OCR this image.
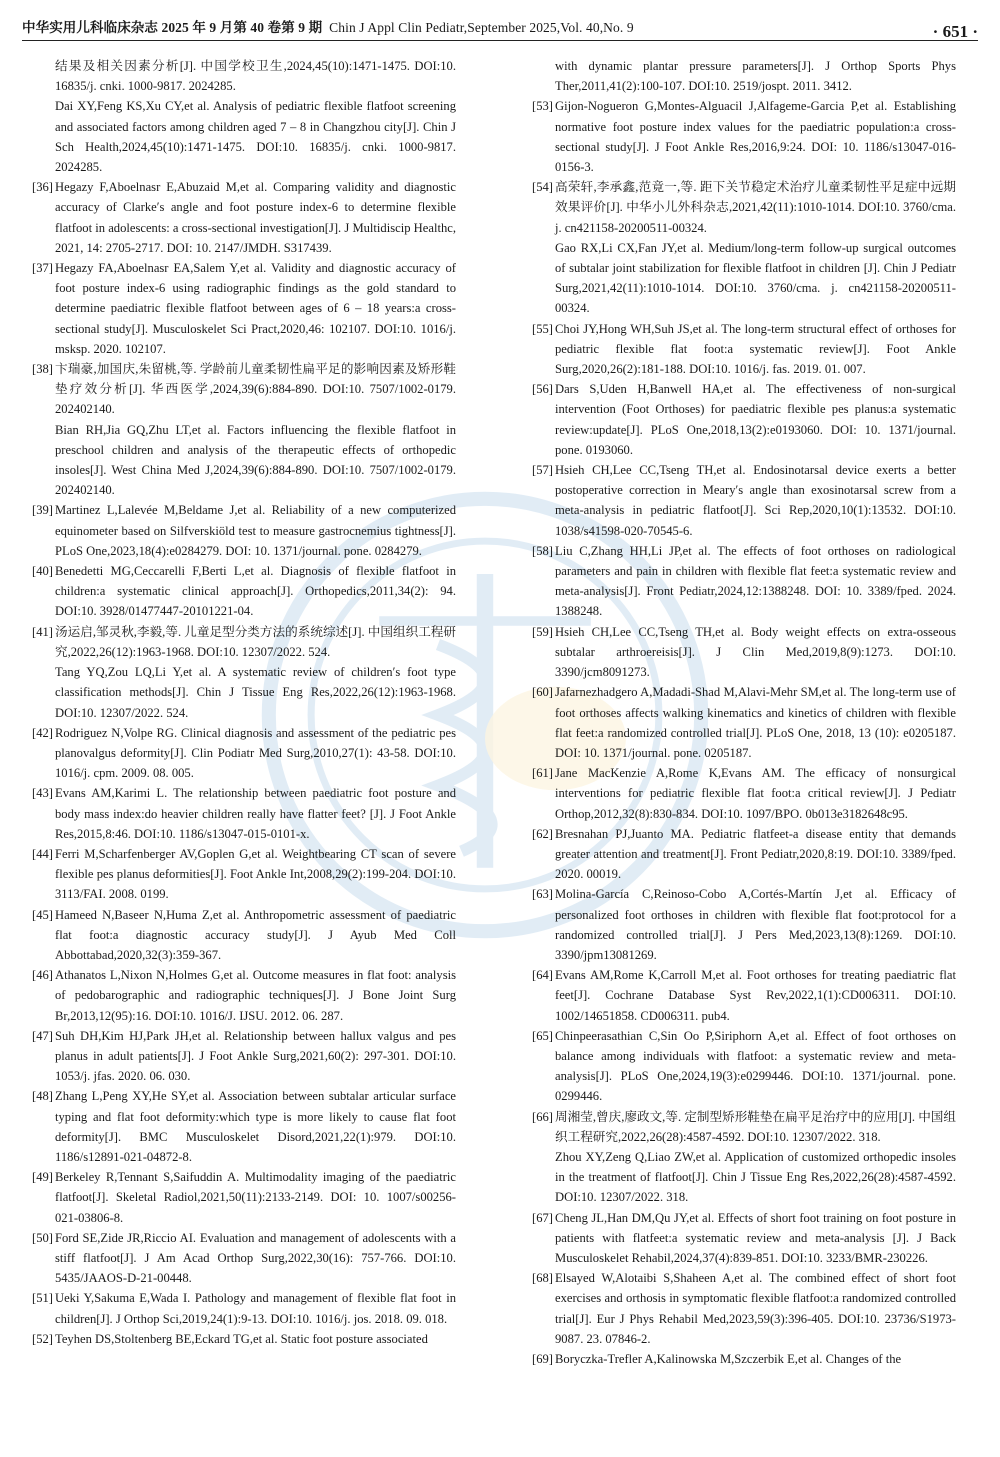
中华实用儿科临床杂志 2025 年 9 月第 40 卷第 9 期 Chin J Appl Clin Pediatr,September 2025,Vol. 40,No. 9	· 651 ·

结果及相关因素分析[J]. 中国学校卫生,2024,45(10):1471-1475. DOI:10. 16835/j. cnki. 1000-9817. 2024285.

Dai XY,Feng KS,Xu CY,et al. Analysis of pediatric flexible flatfoot screening and associated factors among children aged 7 – 8 in Changzhou city[J]. Chin J Sch Health,2024,45(10):1471-1475. DOI:10. 16835/j. cnki. 1000-9817. 2024285.

[36] Hegazy F,Aboelnasr E,Abuzaid M,et al. Comparing validity and diagnostic accuracy of Clarke′s angle and foot posture index-6 to determine flexible flatfoot in adolescents: a cross-sectional investigation[J]. J Multidiscip Healthc, 2021, 14: 2705-2717. DOI: 10. 2147/JMDH. S317439.

[37] Hegazy FA,Aboelnasr EA,Salem Y,et al. Validity and diagnostic accuracy of foot posture index-6 using radiographic findings as the gold standard to determine paediatric flexible flatfoot between ages of 6 – 18 years:a cross-sectional study[J]. Musculoskelet Sci Pract,2020,46: 102107. DOI:10. 1016/j. msksp. 2020. 102107.

[38] 卞瑞豪,加国庆,朱留桃,等. 学龄前儿童柔韧性扁平足的影响因素及矫形鞋垫疗效分析[J]. 华西医学,2024,39(6):884-890. DOI:10. 7507/1002-0179. 202402140.

Bian RH,Jia GQ,Zhu LT,et al. Factors influencing the flexible flatfoot in preschool children and analysis of the therapeutic effects of orthopedic insoles[J]. West China Med J,2024,39(6):884-890. DOI:10. 7507/1002-0179. 202402140.

[39] Martinez L,Lalevée M,Beldame J,et al. Reliability of a new computerized equinometer based on Silfverskiöld test to measure gastrocnemius tightness[J]. PLoS One,2023,18(4):e0284279. DOI: 10. 1371/journal. pone. 0284279.

[40] Benedetti MG,Ceccarelli F,Berti L,et al. Diagnosis of flexible flatfoot in children:a systematic clinical approach[J]. Orthopedics,2011,34(2): 94. DOI:10. 3928/01477447-20101221-04.

[41] 汤运启,邹灵秋,李毅,等. 儿童足型分类方法的系统综述[J]. 中国组织工程研究,2022,26(12):1963-1968. DOI:10. 12307/2022. 524.

Tang YQ,Zou LQ,Li Y,et al. A systematic review of children′s foot type classification methods[J]. Chin J Tissue Eng Res,2022,26(12):1963-1968. DOI:10. 12307/2022. 524.

[42] Rodriguez N,Volpe RG. Clinical diagnosis and assessment of the pediatric pes planovalgus deformity[J]. Clin Podiatr Med Surg,2010,27(1): 43-58. DOI:10. 1016/j. cpm. 2009. 08. 005.

[43] Evans AM,Karimi L. The relationship between paediatric foot posture and body mass index:do heavier children really have flatter feet? [J]. J Foot Ankle Res,2015,8:46. DOI:10. 1186/s13047-015-0101-x.

[44] Ferri M,Scharfenberger AV,Goplen G,et al. Weightbearing CT scan of severe flexible pes planus deformities[J]. Foot Ankle Int,2008,29(2):199-204. DOI:10. 3113/FAI. 2008. 0199.

[45] Hameed N,Baseer N,Huma Z,et al. Anthropometric assessment of paediatric flat foot:a diagnostic accuracy study[J]. J Ayub Med Coll Abbottabad,2020,32(3):359-367.

[46] Athanatos L,Nixon N,Holmes G,et al. Outcome measures in flat foot: analysis of pedobarographic and radiographic techniques[J]. J Bone Joint Surg Br,2013,12(95):16. DOI:10. 1016/J. IJSU. 2012. 06. 287.

[47] Suh DH,Kim HJ,Park JH,et al. Relationship between hallux valgus and pes planus in adult patients[J]. J Foot Ankle Surg,2021,60(2): 297-301. DOI:10. 1053/j. jfas. 2020. 06. 030.

[48] Zhang L,Peng XY,He SY,et al. Association between subtalar articular surface typing and flat foot deformity:which type is more likely to cause flat foot deformity[J]. BMC Musculoskelet Disord,2021,22(1):979. DOI:10. 1186/s12891-021-04872-8.

[49] Berkeley R,Tennant S,Saifuddin A. Multimodality imaging of the paediatric flatfoot[J]. Skeletal Radiol,2021,50(11):2133-2149. DOI: 10. 1007/s00256-021-03806-8.

[50] Ford SE,Zide JR,Riccio AI. Evaluation and management of adolescents with a stiff flatfoot[J]. J Am Acad Orthop Surg,2022,30(16): 757-766. DOI:10. 5435/JAAOS-D-21-00448.

[51] Ueki Y,Sakuma E,Wada I. Pathology and management of flexible flat foot in children[J]. J Orthop Sci,2019,24(1):9-13. DOI:10. 1016/j. jos. 2018. 09. 018.

[52] Teyhen DS,Stoltenberg BE,Eckard TG,et al. Static foot posture associated

with dynamic plantar pressure parameters[J]. J Orthop Sports Phys Ther,2011,41(2):100-107. DOI:10. 2519/jospt. 2011. 3412.

[53] Gijon-Nogueron G,Montes-Alguacil J,Alfageme-Garcia P,et al. Establishing normative foot posture index values for the paediatric population:a cross-sectional study[J]. J Foot Ankle Res,2016,9:24. DOI: 10. 1186/s13047-016-0156-3.

[54] 高荣轩,李承鑫,范竟一,等. 距下关节稳定术治疗儿童柔韧性平足症中远期效果评价[J]. 中华小儿外科杂志,2021,42(11):1010-1014. DOI:10. 3760/cma. j. cn421158-20200511-00324.

Gao RX,Li CX,Fan JY,et al. Medium/long-term follow-up surgical outcomes of subtalar joint stabilization for flexible flatfoot in children [J]. Chin J Pediatr Surg,2021,42(11):1010-1014. DOI:10. 3760/cma. j. cn421158-20200511-00324.

[55] Choi JY,Hong WH,Suh JS,et al. The long-term structural effect of orthoses for pediatric flexible flat foot:a systematic review[J]. Foot Ankle Surg,2020,26(2):181-188. DOI:10. 1016/j. fas. 2019. 01. 007.

[56] Dars S,Uden H,Banwell HA,et al. The effectiveness of non-surgical intervention (Foot Orthoses) for paediatric flexible pes planus:a systematic review:update[J]. PLoS One,2018,13(2):e0193060. DOI: 10. 1371/journal. pone. 0193060.

[57] Hsieh CH,Lee CC,Tseng TH,et al. Endosinotarsal device exerts a better postoperative correction in Meary′s angle than exosinotarsal screw from a meta-analysis in pediatric flatfoot[J]. Sci Rep,2020,10(1):13532. DOI:10. 1038/s41598-020-70545-6.

[58] Liu C,Zhang HH,Li JP,et al. The effects of foot orthoses on radiological parameters and pain in children with flexible flat feet:a systematic review and meta-analysis[J]. Front Pediatr,2024,12:1388248. DOI: 10. 3389/fped. 2024. 1388248.

[59] Hsieh CH,Lee CC,Tseng TH,et al. Body weight effects on extra-osseous subtalar arthroereisis[J]. J Clin Med,2019,8(9):1273. DOI:10. 3390/jcm8091273.

[60] Jafarnezhadgero A,Madadi-Shad M,Alavi-Mehr SM,et al. The long-term use of foot orthoses affects walking kinematics and kinetics of children with flexible flat feet:a randomized controlled trial[J]. PLoS One, 2018, 13 (10): e0205187. DOI: 10. 1371/journal. pone. 0205187.

[61] Jane MacKenzie A,Rome K,Evans AM. The efficacy of nonsurgical interventions for pediatric flexible flat foot:a critical review[J]. J Pediatr Orthop,2012,32(8):830-834. DOI:10. 1097/BPO. 0b013e3182648c95.

[62] Bresnahan PJ,Juanto MA. Pediatric flatfeet-a disease entity that demands greater attention and treatment[J]. Front Pediatr,2020,8:19. DOI:10. 3389/fped. 2020. 00019.

[63] Molina-García C,Reinoso-Cobo A,Cortés-Martín J,et al. Efficacy of personalized foot orthoses in children with flexible flat foot:protocol for a randomized controlled trial[J]. J Pers Med,2023,13(8):1269. DOI:10. 3390/jpm13081269.

[64] Evans AM,Rome K,Carroll M,et al. Foot orthoses for treating paediatric flat feet[J]. Cochrane Database Syst Rev,2022,1(1):CD006311. DOI:10. 1002/14651858. CD006311. pub4.

[65] Chinpeerasathian C,Sin Oo P,Siriphorn A,et al. Effect of foot orthoses on balance among individuals with flatfoot: a systematic review and meta-analysis[J]. PLoS One,2024,19(3):e0299446. DOI:10. 1371/journal. pone. 0299446.

[66] 周湘莹,曾庆,廖政文,等. 定制型矫形鞋垫在扁平足治疗中的应用[J]. 中国组织工程研究,2022,26(28):4587-4592. DOI:10. 12307/2022. 318.

Zhou XY,Zeng Q,Liao ZW,et al. Application of customized orthopedic insoles in the treatment of flatfoot[J]. Chin J Tissue Eng Res,2022,26(28):4587-4592. DOI:10. 12307/2022. 318.

[67] Cheng JL,Han DM,Qu JY,et al. Effects of short foot training on foot posture in patients with flatfeet:a systematic review and meta-analysis [J]. J Back Musculoskelet Rehabil,2024,37(4):839-851. DOI:10. 3233/BMR-230226.

[68] Elsayed W,Alotaibi S,Shaheen A,et al. The combined effect of short foot exercises and orthosis in symptomatic flexible flatfoot:a randomized controlled trial[J]. Eur J Phys Rehabil Med,2023,59(3):396-405. DOI:10. 23736/S1973-9087. 23. 07846-2.

[69] Boryczka-Trefler A,Kalinowska M,Szczerbik E,et al. Changes of the
